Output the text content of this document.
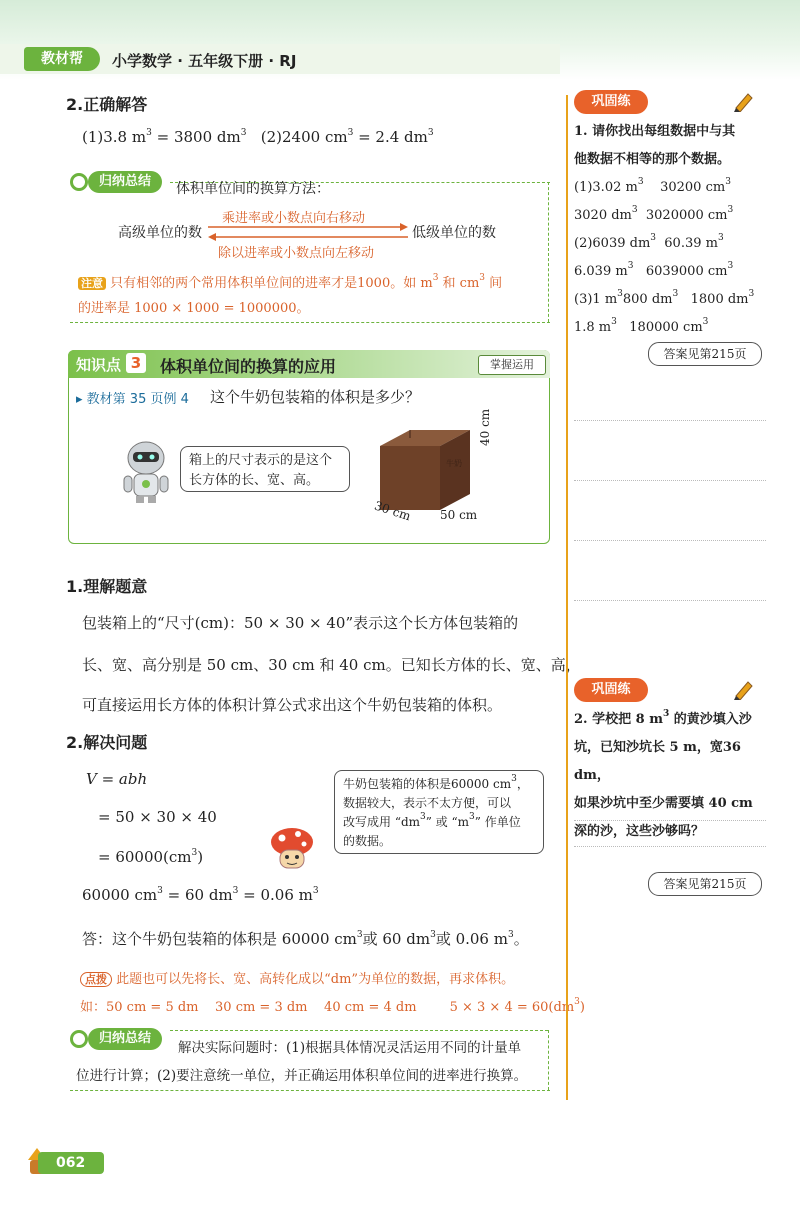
教材帮	小学数学 · 五年级下册 · RJ
2.正确解答
(1)3.8 $m^3 = 3800$ $dm^3$ (2)2400 $cm^3 = 2.4$ $dm^3$
归纳总结	体积单位间的换算方法：
高级单位的数	低级单位的数
乘进率或小数点向右移动
除以进率或小数点向左移动
注意 只有相邻的两个常用体积单位间的进率才是1000。如 $m^3$ 和 $cm^3$ 间
的进率是 1000 × 1000 = 1000000。
知识点 3 体积单位间的换算的应用	掌握运用
▸ 教材第 35 页例 4 这个牛奶包装箱的体积是多少？
箱上的尺寸表示的是这个
长方体的长、宽、高。
牛奶
40 cm
30 cm 50 cm
1.理解题意
包装箱上的“尺寸(cm)：50 × 30 × 40”表示这个长方体包装箱的
长、宽、高分别是 50 cm、30 cm 和 40 cm。已知长方体的长、宽、高，
可直接运用长方体的体积计算公式求出这个牛奶包装箱的体积。
2.解决问题
V = abh
= 50 × 30 × 40
= $60000(cm^3)$
牛奶包装箱的体积是60000 $cm^3$，
数据较大，表示不太方便，可以
改写成用 “$dm^3$” 或 “$m^3$” 作单位
的数据。
60000 $cm^3 = 60$ $dm^3 = 0.06$ $m^3$
答：这个牛奶包装箱的体积是 60000 $cm^3$或 60 $dm^3$或 0.06 $m^3$。
点拨 此题也可以先将长、宽、高转化成以“dm”为单位的数据，再求体积。
如：50 cm = 5 dm    30 cm = 3 dm    40 cm = 4 dm        $5 \times 3 \times 4 = 60(dm^3)$
归纳总结
解决实际问题时：(1)根据具体情况灵活运用不同的计量单
位进行计算；(2)要注意统一单位，并正确运用体积单位间的进率进行换算。
巩固练
1. 请你找出每组数据中与其
他数据不相等的那个数据。
(1)3.02 $m^3$ 30200 $cm^3$
3020 $dm^3$ 3020000 $cm^3$
(2)6039 $dm^3$ 60.39 $m^3$
6.039 $m^3$ 6039000 $cm^3$
(3)1 $m^3800$ $dm^3$ 1800 $dm^3$
1.8 $m^3$ 180000 $cm^3$
答案见第215页
巩固练
2. 学校把 8 $m^3$ 的黄沙填入沙
坑，已知沙坑长 5 m，宽36 dm，
如果沙坑中至少需要填 40 cm
深的沙，这些沙够吗？
答案见第215页
062
